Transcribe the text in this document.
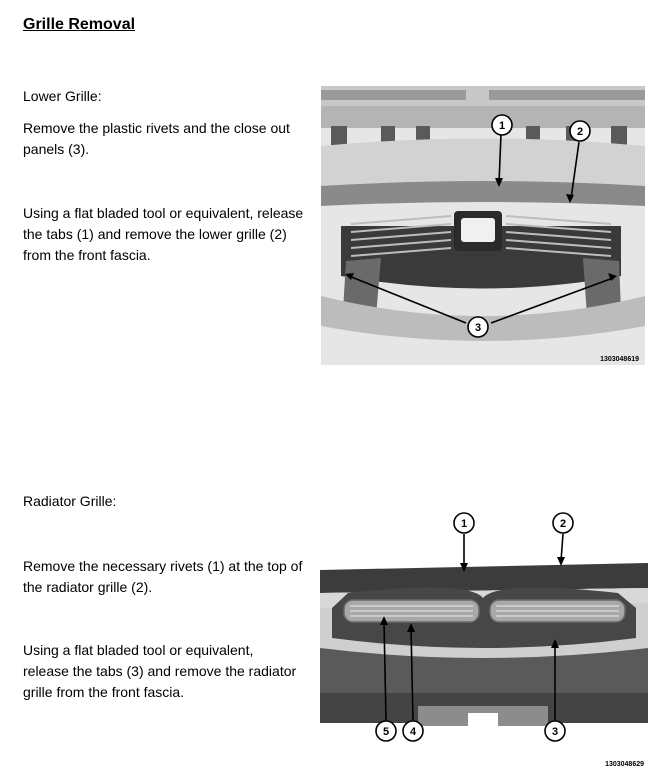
Grille Removal

Lower Grille:

Remove the plastic rivets and the close out panels (3).

Using a flat bladed tool or equivalent, release the tabs (1) and remove the lower grille (2) from the front fascia.

1	2
3
1303048619

Radiator Grille:

Remove the necessary rivets (1) at the top of the radiator grille (2).

Using a flat bladed tool or equivalent, release the tabs (3) and remove the radiator grille from the front fascia.

1	2
3
4
5
1303048629
